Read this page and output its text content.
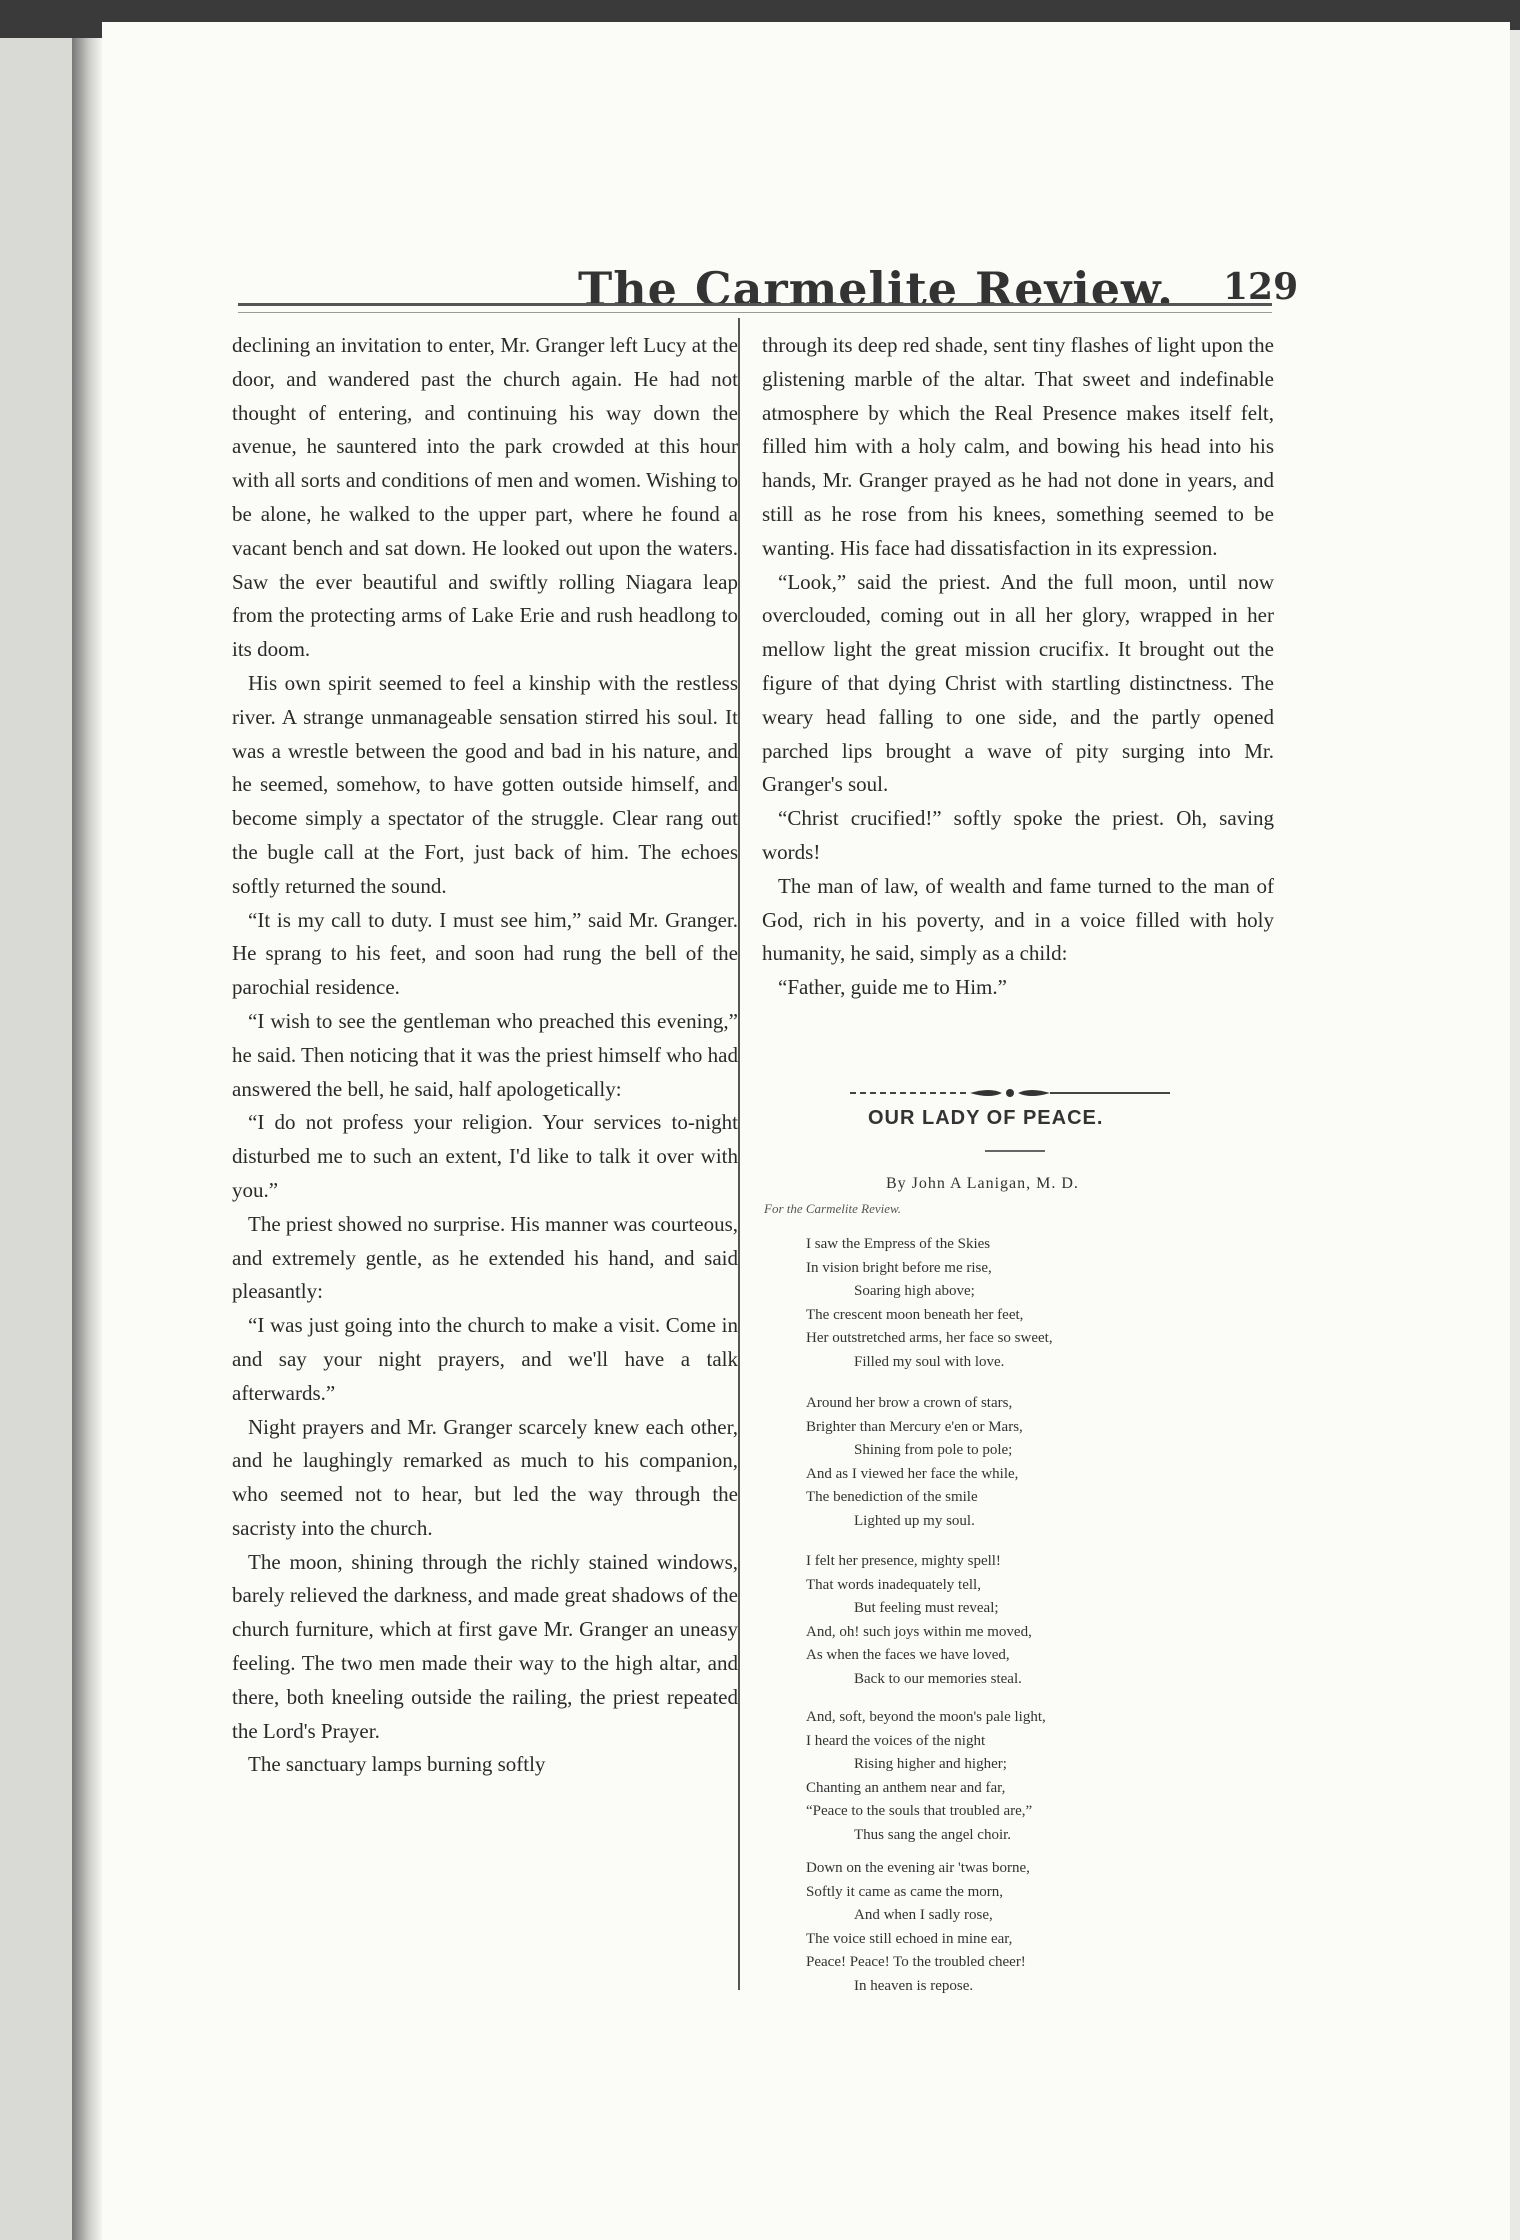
The Carmelite Review. 129

declining an invitation to enter, Mr. Granger left Lucy at the door, and wandered past the church again. He had not thought of entering, and continuing his way down the avenue, he sauntered into the park crowded at this hour with all sorts and conditions of men and women. Wishing to be alone, he walked to the upper part, where he found a vacant bench and sat down. He looked out upon the waters. Saw the ever beautiful and swiftly rolling Niagara leap from the protecting arms of Lake Erie and rush headlong to its doom.

His own spirit seemed to feel a kinship with the restless river. A strange unmanageable sensation stirred his soul. It was a wrestle between the good and bad in his nature, and he seemed, somehow, to have gotten outside himself, and become simply a spectator of the struggle. Clear rang out the bugle call at the Fort, just back of him. The echoes softly returned the sound.

“It is my call to duty. I must see him,” said Mr. Granger. He sprang to his feet, and soon had rung the bell of the parochial residence.

“I wish to see the gentleman who preached this evening,” he said. Then noticing that it was the priest himself who had answered the bell, he said, half apologetically:

“I do not profess your religion. Your services to-night disturbed me to such an extent, I'd like to talk it over with you.”

The priest showed no surprise. His manner was courteous, and extremely gentle, as he extended his hand, and said pleasantly:

“I was just going into the church to make a visit. Come in and say your night prayers, and we'll have a talk afterwards.”

Night prayers and Mr. Granger scarcely knew each other, and he laughingly remarked as much to his companion, who seemed not to hear, but led the way through the sacristy into the church.

The moon, shining through the richly stained windows, barely relieved the darkness, and made great shadows of the church furniture, which at first gave Mr. Granger an uneasy feeling. The two men made their way to the high altar, and there, both kneeling outside the railing, the priest repeated the Lord's Prayer.

The sanctuary lamps burning softly

through its deep red shade, sent tiny flashes of light upon the glistening marble of the altar. That sweet and indefinable atmosphere by which the Real Presence makes itself felt, filled him with a holy calm, and bowing his head into his hands, Mr. Granger prayed as he had not done in years, and still as he rose from his knees, something seemed to be wanting. His face had dissatisfaction in its expression.

“Look,” said the priest. And the full moon, until now overclouded, coming out in all her glory, wrapped in her mellow light the great mission crucifix. It brought out the figure of that dying Christ with startling distinctness. The weary head falling to one side, and the partly opened parched lips brought a wave of pity surging into Mr. Granger's soul.

“Christ crucified!” softly spoke the priest. Oh, saving words!

The man of law, of wealth and fame turned to the man of God, rich in his poverty, and in a voice filled with holy humanity, he said, simply as a child:

“Father, guide me to Him.”

OUR LADY OF PEACE.
By John A Lanigan, M. D.
For the Carmelite Review.
I saw the Empress of the Skies
In vision bright before me rise,
Soaring high above;
The crescent moon beneath her feet,
Her outstretched arms, her face so sweet,
Filled my soul with love.
Around her brow a crown of stars,
Brighter than Mercury e'en or Mars,
Shining from pole to pole;
And as I viewed her face the while,
The benediction of the smile
Lighted up my soul.
I felt her presence, mighty spell!
That words inadequately tell,
But feeling must reveal;
And, oh! such joys within me moved,
As when the faces we have loved,
Back to our memories steal.
And, soft, beyond the moon's pale light,
I heard the voices of the night
Rising higher and higher;
Chanting an anthem near and far,
“Peace to the souls that troubled are,”
Thus sang the angel choir.
Down on the evening air 'twas borne,
Softly it came as came the morn,
And when I sadly rose,
The voice still echoed in mine ear,
Peace! Peace! To the troubled cheer!
In heaven is repose.
